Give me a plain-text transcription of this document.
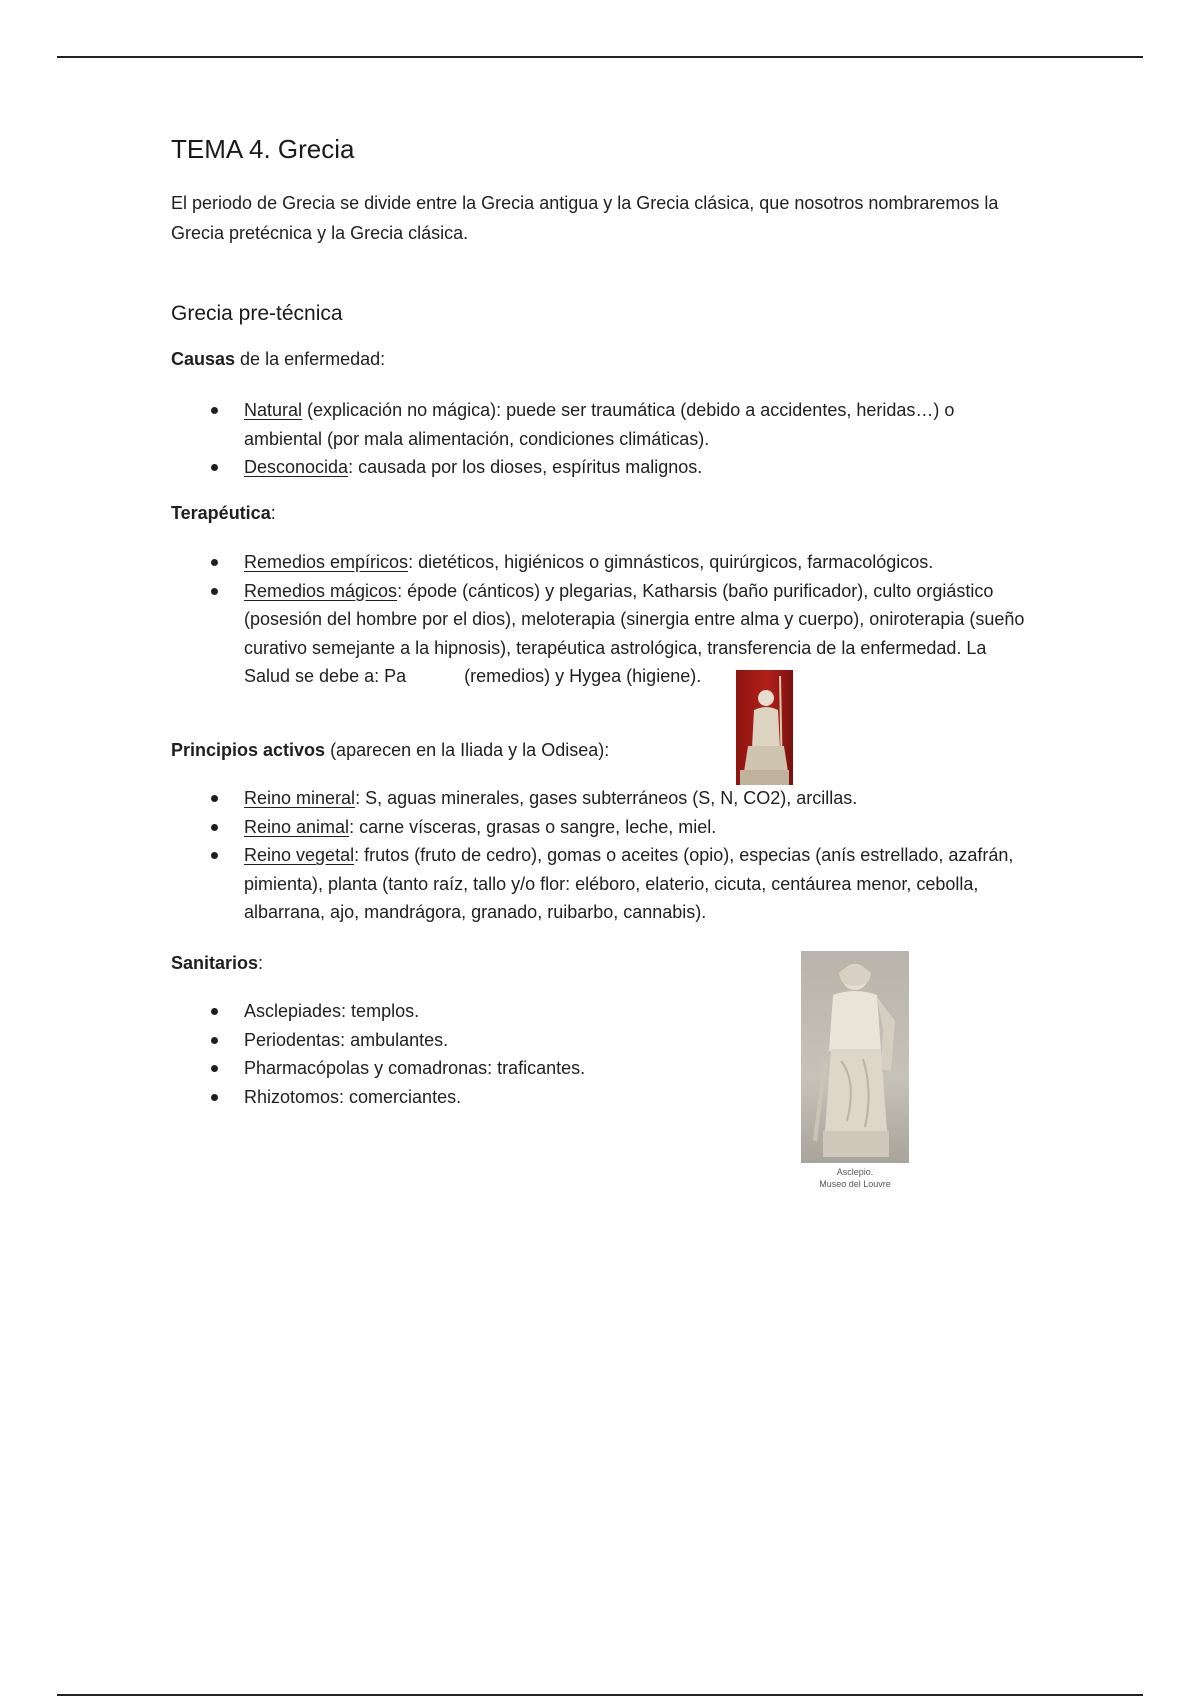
TEMA 4. Grecia

El periodo de Grecia se divide entre la Grecia antigua y la Grecia clásica, que nosotros nombraremos la Grecia pretécnica y la Grecia clásica.

Grecia pre-técnica

Causas de la enfermedad:

Natural (explicación no mágica): puede ser traumática (debido a accidentes, heridas…) o ambiental (por mala alimentación, condiciones climáticas).
Desconocida: causada por los dioses, espíritus malignos.

Terapéutica:

Remedios empíricos: dietéticos, higiénicos o gimnásticos, quirúrgicos, farmacológicos.
Remedios mágicos: épode (cánticos) y plegarias, Katharsis (baño purificador), culto orgiástico (posesión del hombre por el dios), meloterapia (sinergia entre alma y cuerpo), oniroterapia (sueño curativo semejante a la hipnosis), terapéutica astrológica, transferencia de la enfermedad. La Salud se debe a: Pa	(remedios) y Hygea (higiene).

Principios activos (aparecen en la Iliada y la Odisea):

Reino mineral: S, aguas minerales, gases subterráneos (S, N, CO2), arcillas.
Reino animal: carne vísceras, grasas o sangre, leche, miel.
Reino vegetal: frutos (fruto de cedro), gomas o aceites (opio), especias (anís estrellado, azafrán, pimienta), planta (tanto raíz, tallo y/o flor: eléboro, elaterio, cicuta, centáurea menor, cebolla, albarrana, ajo, mandrágora, granado, ruibarbo, cannabis).

Sanitarios:

Asclepiades: templos.
Periodentas: ambulantes.
Pharmacópolas y comadronas: traficantes.
Rhizotomos: comerciantes.
Asclepio.
Museo del Louvre
